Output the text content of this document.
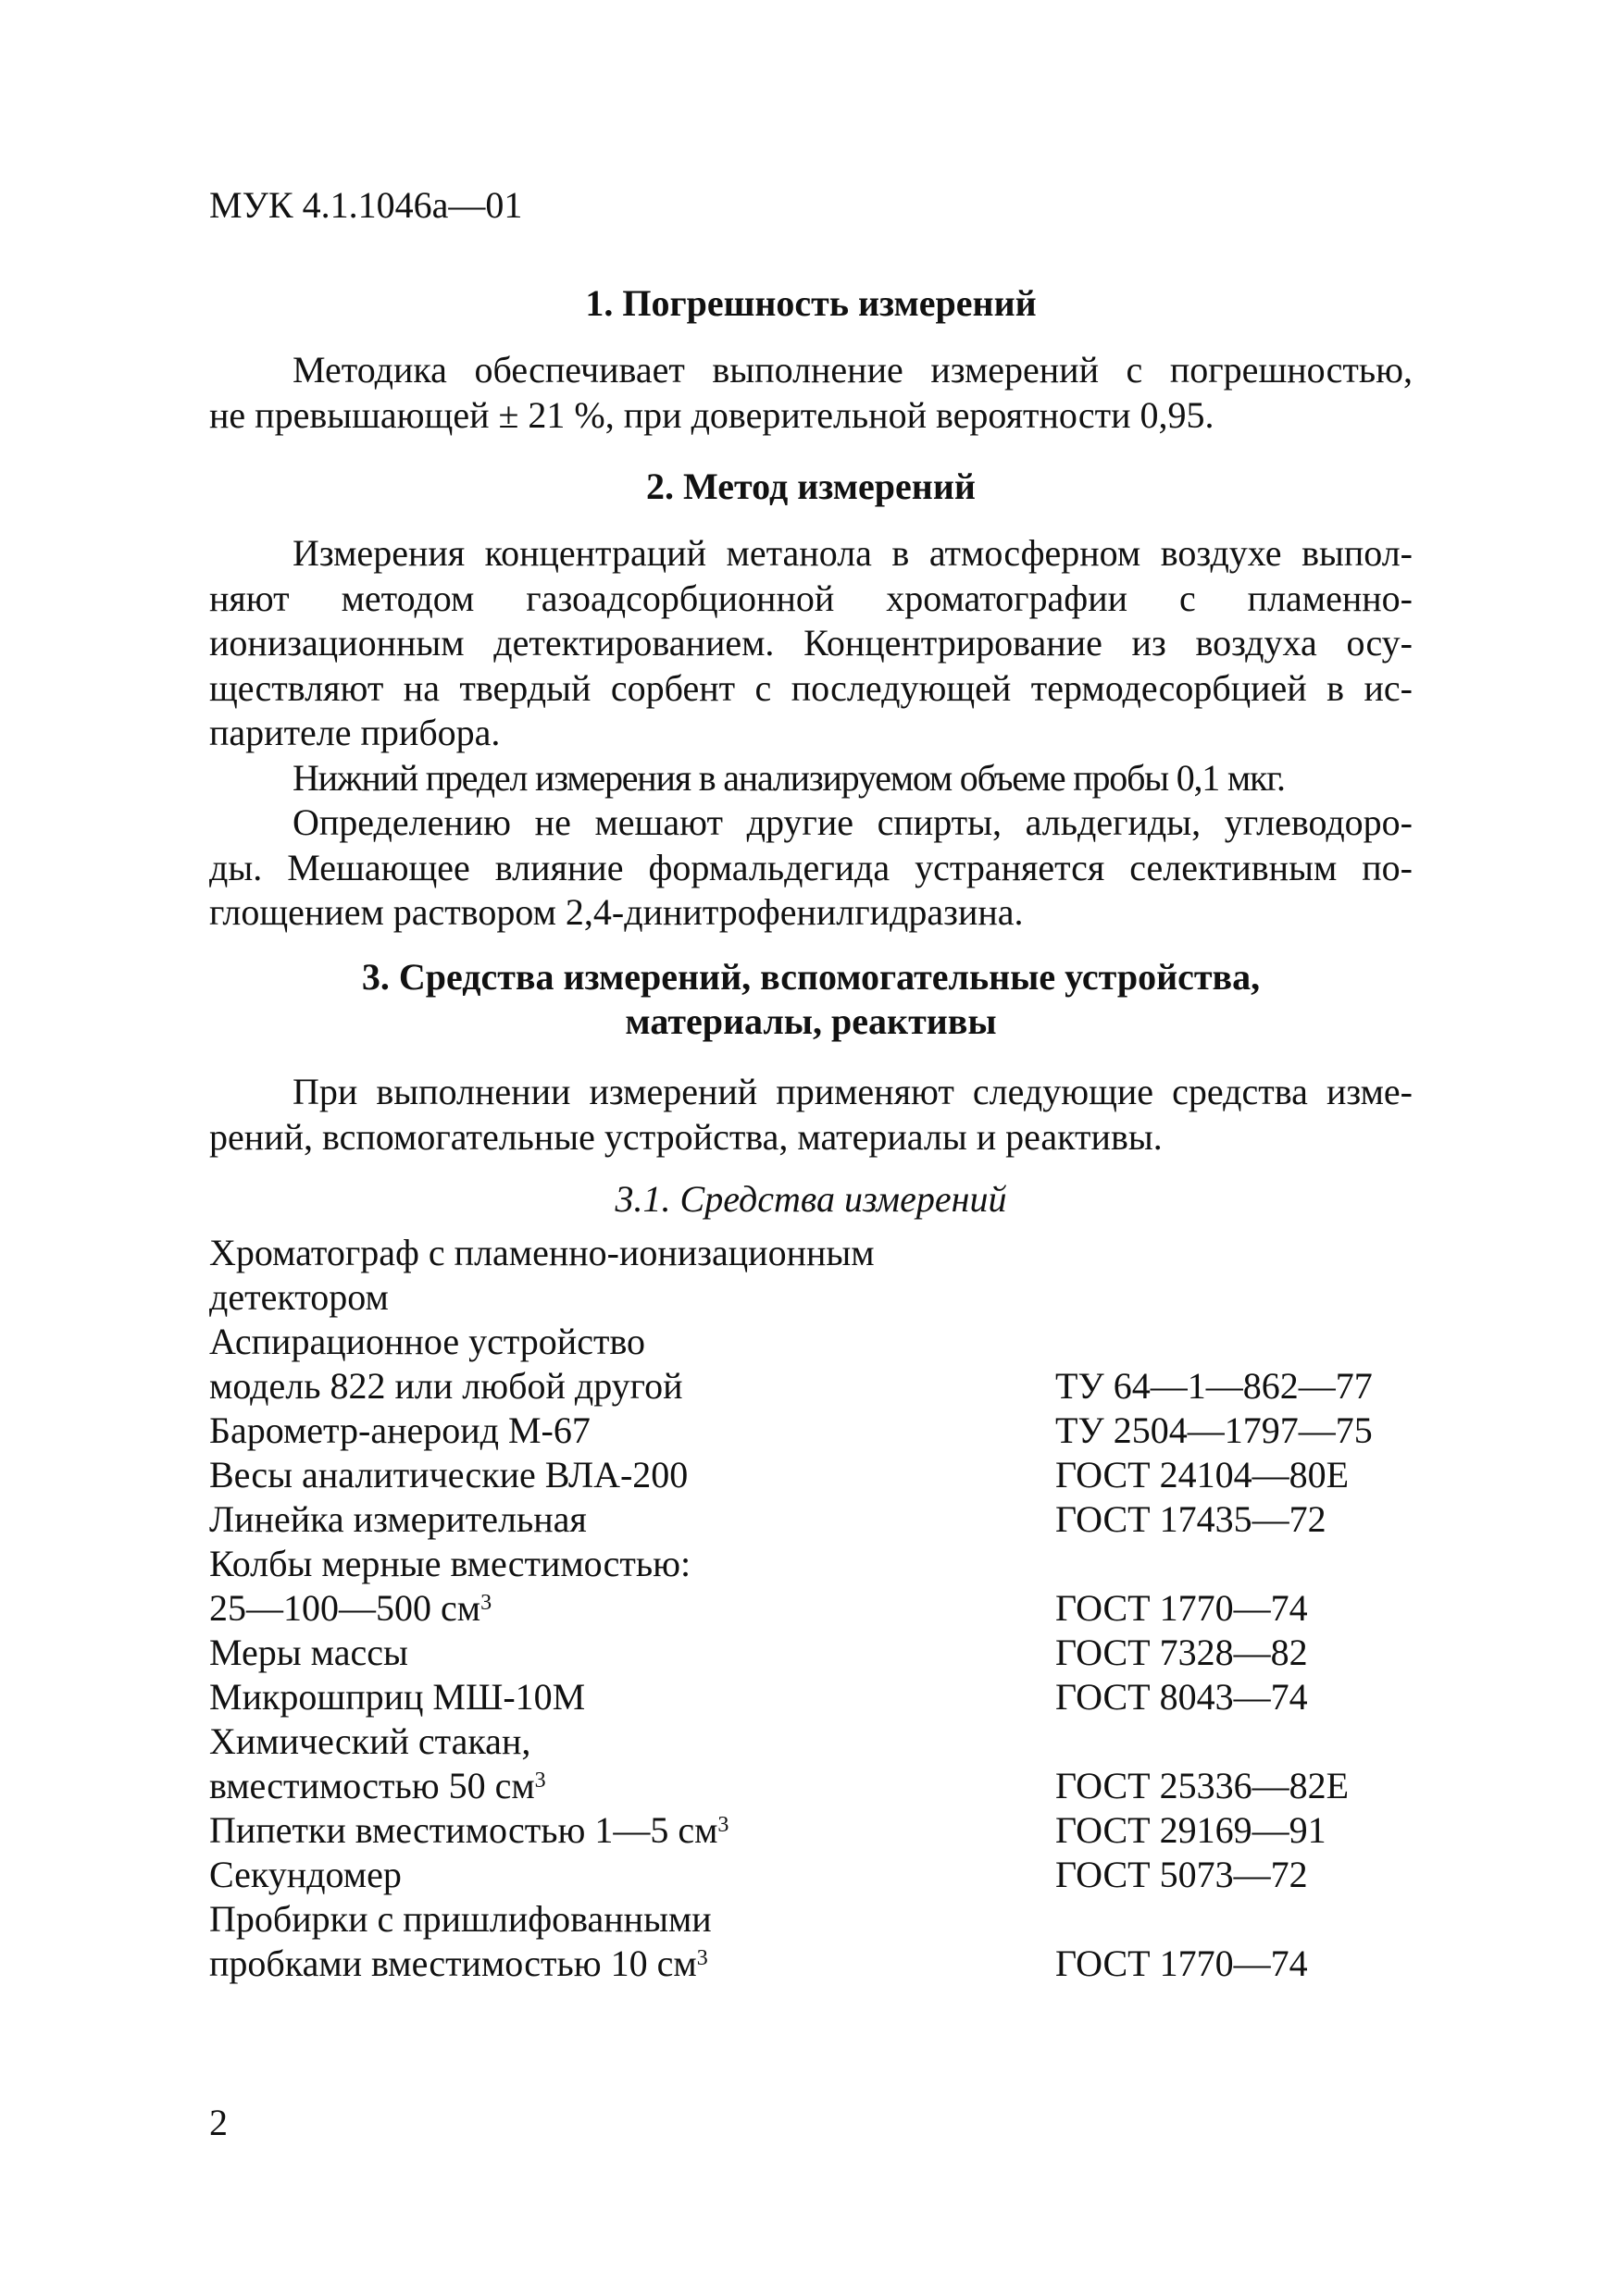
МУК 4.1.1046а—01
1. Погрешность измерений
Методика обеспечивает выполнение измерений с погрешностью,
не превышающей ± 21 %, при доверительной вероятности 0,95.
2. Метод измерений
Измерения концентраций метанола в атмосферном воздухе выпол-
няют методом газоадсорбционной хроматографии с пламенно-
ионизационным детектированием. Концентрирование из воздуха осу-
ществляют на твердый сорбент с последующей термодесорбцией в ис-
парителе прибора.
Нижний предел измерения в анализируемом объеме пробы 0,1 мкг.
Определению не мешают другие спирты, альдегиды, углеводоро-
ды. Мешающее влияние формальдегида устраняется селективным по-
глощением раствором 2,4-динитрофенилгидразина.
3. Средства измерений, вспомогательные устройства,
материалы, реактивы
При выполнении измерений применяют следующие средства изме-
рений, вспомогательные устройства, материалы и реактивы.
3.1. Средства измерений
Хроматограф с пламенно-ионизационным
детектором
Аспирационное устройство
модель 822 или любой другой	ТУ 64—1—862—77
Барометр-анероид М-67	ТУ 2504—1797—75
Весы аналитические ВЛА-200	ГОСТ 24104—80Е
Линейка измерительная	ГОСТ 17435—72
Колбы мерные вместимостью:
25—100—500 $см^3$	ГОСТ 1770—74
Меры массы	ГОСТ 7328—82
Микрошприц МШ-10М	ГОСТ 8043—74
Химический стакан,
вместимостью 50 $см^3$	ГОСТ 25336—82Е
Пипетки вместимостью 1—5 $см^3$	ГОСТ 29169—91
Секундомер	ГОСТ 5073—72
Пробирки с пришлифованными
пробками вместимостью 10 $см^3$	ГОСТ 1770—74
2
